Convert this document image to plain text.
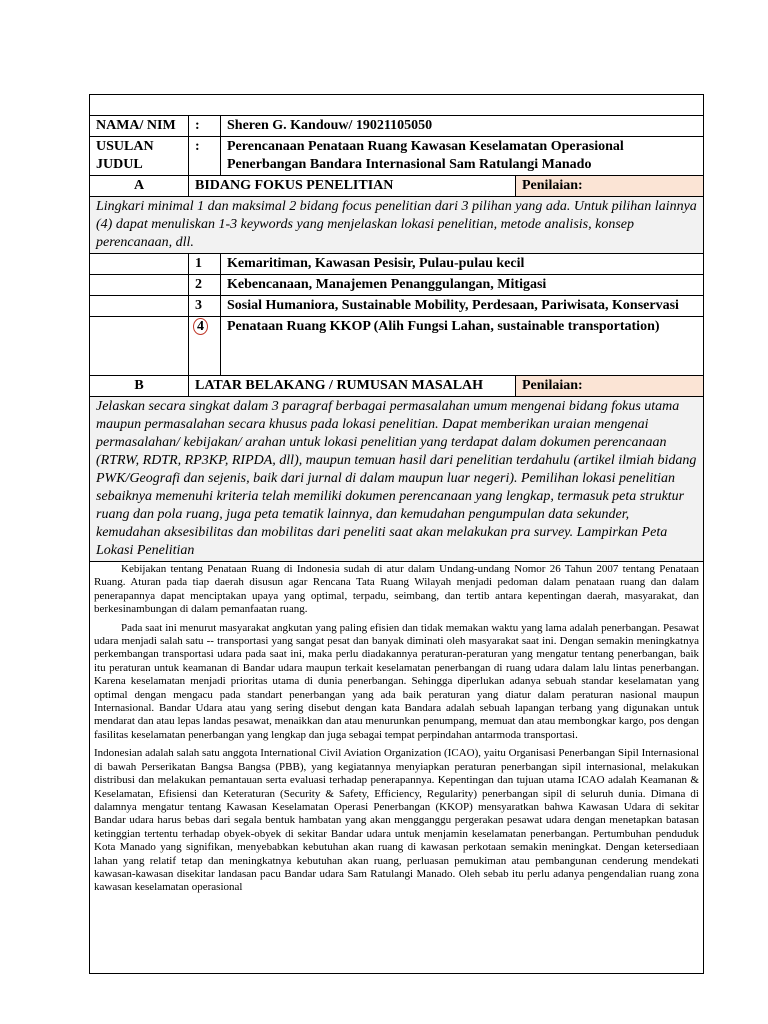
NAMA/ NIM	:	Sheren G. Kandouw/ 19021105050	

USULAN
JUDUL	:	Perencanaan Penataan Ruang Kawasan Keselamatan Operasional Penerbangan Bandara Internasional Sam Ratulangi Manado	
A	BIDANG FOKUS PENELITIAN		Penilaian:
Lingkari minimal 1 dan maksimal 2 bidang focus penelitian dari 3 pilihan yang ada. Untuk pilihan lainnya (4) dapat menuliskan 1-3 keywords yang menjelaskan lokasi penelitian, metode analisis, konsep perencanaan, dll.			
	1	Kemaritiman, Kawasan Pesisir, Pulau-pulau kecil	
	2	Kebencanaan, Manajemen Penanggulangan, Mitigasi	
	3	Sosial Humaniora, Sustainable Mobility, Perdesaan, Pariwisata, Konservasi	
	4	Penataan Ruang KKOP (Alih Fungsi Lahan, sustainable transportation)	
B	LATAR BELAKANG / RUMUSAN MASALAH		Penilaian:
Jelaskan secara singkat dalam 3 paragraf berbagai permasalahan umum mengenai bidang fokus utama maupun permasalahan secara khusus pada lokasi penelitian. Dapat memberikan uraian mengenai permasalahan/ kebijakan/ arahan untuk lokasi penelitian yang terdapat dalam dokumen perencanaan (RTRW, RDTR, RP3KP, RIPDA, dll), maupun temuan hasil dari penelitian terdahulu (artikel ilmiah bidang PWK/Geografi dan sejenis, baik dari jurnal di dalam maupun luar negeri). Pemilihan lokasi penelitian sebaiknya memenuhi kriteria telah memiliki dokumen perencanaan yang lengkap, termasuk peta struktur ruang dan pola ruang, juga peta tematik lainnya, dan kemudahan pengumpulan data sekunder, kemudahan aksesibilitas dan mobilitas dari peneliti saat akan melakukan pra survey. Lampirkan Peta Lokasi Penelitian			

Kebijakan tentang Penataan Ruang di Indonesia sudah di atur dalam Undang-undang Nomor 26 Tahun 2007 tentang Penataan Ruang. Aturan pada tiap daerah disusun agar Rencana Tata Ruang Wilayah menjadi pedoman dalam penataan ruang dan dalam penerapannya dapat menciptakan upaya yang optimal, terpadu, seimbang, dan tertib antara kepentingan daerah, masyarakat, dan berkesinambungan di dalam pemanfaatan ruang.

Pada saat ini menurut masyarakat angkutan yang paling efisien dan tidak memakan waktu yang lama adalah penerbangan. Pesawat udara menjadi salah satu -- transportasi yang sangat pesat dan banyak diminati oleh masyarakat saat ini. Dengan semakin meningkatnya perkembangan transportasi udara pada saat ini, maka perlu diadakannya peraturan-peraturan yang mengatur tentang penerbangan, baik itu peraturan untuk keamanan di Bandar udara maupun terkait keselamatan penerbangan di ruang udara dalam lalu lintas penerbangan. Karena keselamatan menjadi prioritas utama di dunia penerbangan. Sehingga diperlukan adanya sebuah standar keselamatan yang optimal dengan mengacu pada standart penerbangan yang ada baik peraturan yang diatur dalam peraturan nasional maupun Internasional. Bandar Udara atau yang sering disebut dengan kata Bandara adalah sebuah lapangan terbang yang digunakan untuk mendarat dan atau lepas landas pesawat, menaikkan dan atau menurunkan penumpang, memuat dan atau membongkar kargo, pos dengan fasilitas keselamatan penerbangan yang lengkap dan juga sebagai tempat perpindahan antarmoda transportasi.

Indonesian adalah salah satu anggota International Civil Aviation Organization (ICAO), yaitu Organisasi Penerbangan Sipil Internasional di bawah Perserikatan Bangsa Bangsa (PBB), yang kegiatannya menyiapkan peraturan penerbangan sipil internasional, melakukan distribusi dan melakukan pemantauan serta evaluasi terhadap penerapannya. Kepentingan dan tujuan utama ICAO adalah Keamanan & Keselamatan, Efisiensi dan Keteraturan (Security & Safety, Efficiency, Regularity) penerbangan sipil di seluruh dunia. Dimana di dalamnya mengatur tentang Kawasan Keselamatan Operasi Penerbangan (KKOP) mensyaratkan bahwa Kawasan Udara di sekitar Bandar udara harus bebas dari segala bentuk hambatan yang akan mengganggu pergerakan pesawat udara dengan menetapkan batasan ketinggian tertentu terhadap obyek-obyek di sekitar Bandar udara untuk menjamin keselamatan penerbangan. Pertumbuhan penduduk Kota Manado yang signifikan, menyebabkan kebutuhan akan ruang di kawasan perkotaan semakin meningkat. Dengan ketersediaan lahan yang relatif tetap dan meningkatnya kebutuhan akan ruang, perluasan pemukiman atau pembangunan cenderung mendekati kawasan-kawasan disekitar landasan pacu Bandar udara Sam Ratulangi Manado. Oleh sebab itu perlu adanya pengendalian ruang zona kawasan keselamatan operasional			
